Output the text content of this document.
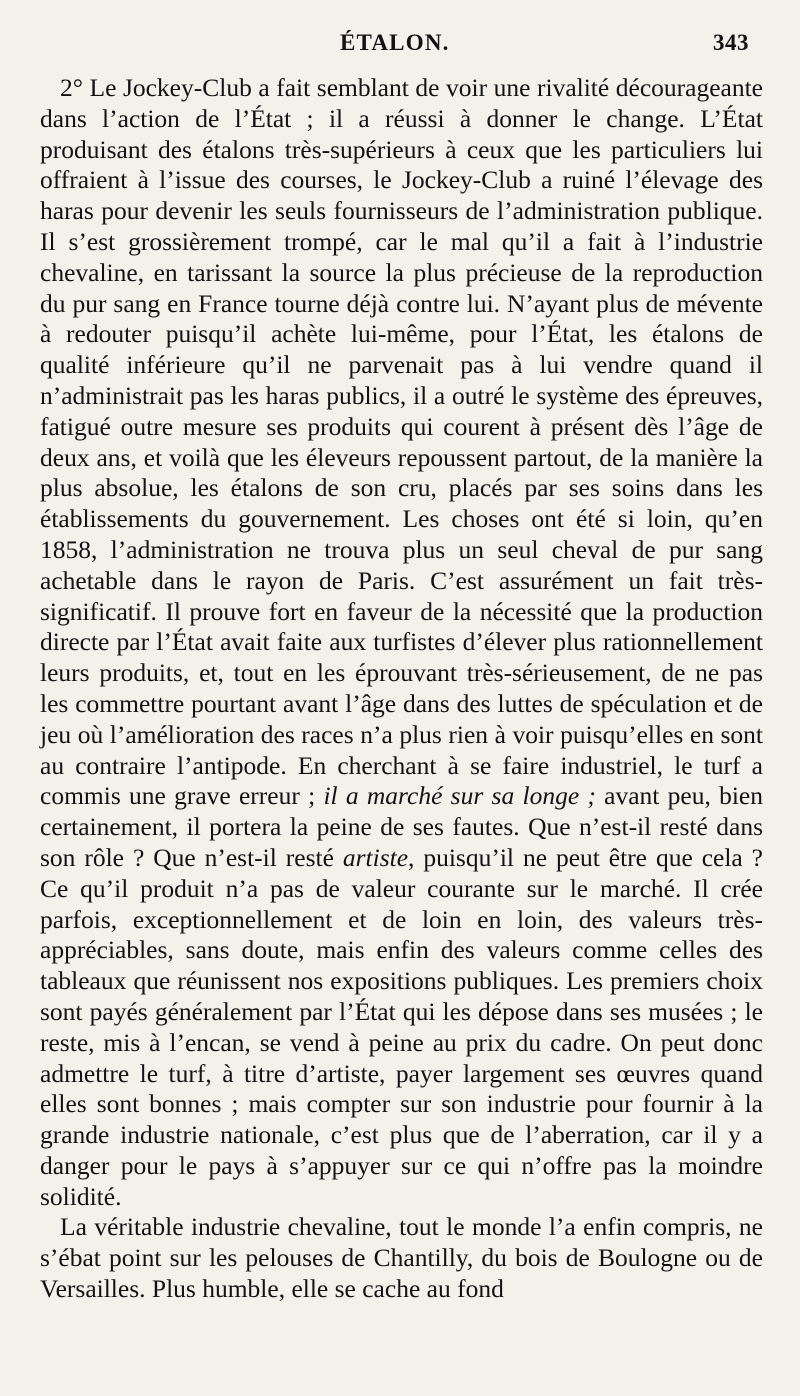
ÉTALON.	343

2° Le Jockey-Club a fait semblant de voir une rivalité décourageante dans l’action de l’État ; il a réussi à donner le change. L’État produisant des étalons très-supérieurs à ceux que les particuliers lui offraient à l’issue des courses, le Jockey-Club a ruiné l’élevage des haras pour devenir les seuls fournisseurs de l’administration publique. Il s’est grossièrement trompé, car le mal qu’il a fait à l’industrie chevaline, en tarissant la source la plus précieuse de la reproduction du pur sang en France tourne déjà contre lui. N’ayant plus de mévente à redouter puisqu’il achète lui-même, pour l’État, les étalons de qualité inférieure qu’il ne parvenait pas à lui vendre quand il n’administrait pas les haras publics, il a outré le système des épreuves, fatigué outre mesure ses produits qui courent à présent dès l’âge de deux ans, et voilà que les éleveurs repoussent partout, de la manière la plus absolue, les étalons de son cru, placés par ses soins dans les établissements du gouvernement. Les choses ont été si loin, qu’en 1858, l’administration ne trouva plus un seul cheval de pur sang achetable dans le rayon de Paris. C’est assurément un fait très-significatif. Il prouve fort en faveur de la nécessité que la production directe par l’État avait faite aux turfistes d’élever plus rationnellement leurs produits, et, tout en les éprouvant très-sérieusement, de ne pas les commettre pourtant avant l’âge dans des luttes de spéculation et de jeu où l’amélioration des races n’a plus rien à voir puisqu’elles en sont au contraire l’antipode. En cherchant à se faire industriel, le turf a commis une grave erreur ; il a marché sur sa longe ; avant peu, bien certainement, il portera la peine de ses fautes. Que n’est-il resté dans son rôle ? Que n’est-il resté artiste, puisqu’il ne peut être que cela ? Ce qu’il produit n’a pas de valeur courante sur le marché. Il crée parfois, exceptionnellement et de loin en loin, des valeurs très-appréciables, sans doute, mais enfin des valeurs comme celles des tableaux que réunissent nos expositions publiques. Les premiers choix sont payés généralement par l’État qui les dépose dans ses musées ; le reste, mis à l’encan, se vend à peine au prix du cadre. On peut donc admettre le turf, à titre d’artiste, payer largement ses œuvres quand elles sont bonnes ; mais compter sur son industrie pour fournir à la grande industrie nationale, c’est plus que de l’aberration, car il y a danger pour le pays à s’appuyer sur ce qui n’offre pas la moindre solidité.

La véritable industrie chevaline, tout le monde l’a enfin compris, ne s’ébat point sur les pelouses de Chantilly, du bois de Boulogne ou de Versailles. Plus humble, elle se cache au fond
